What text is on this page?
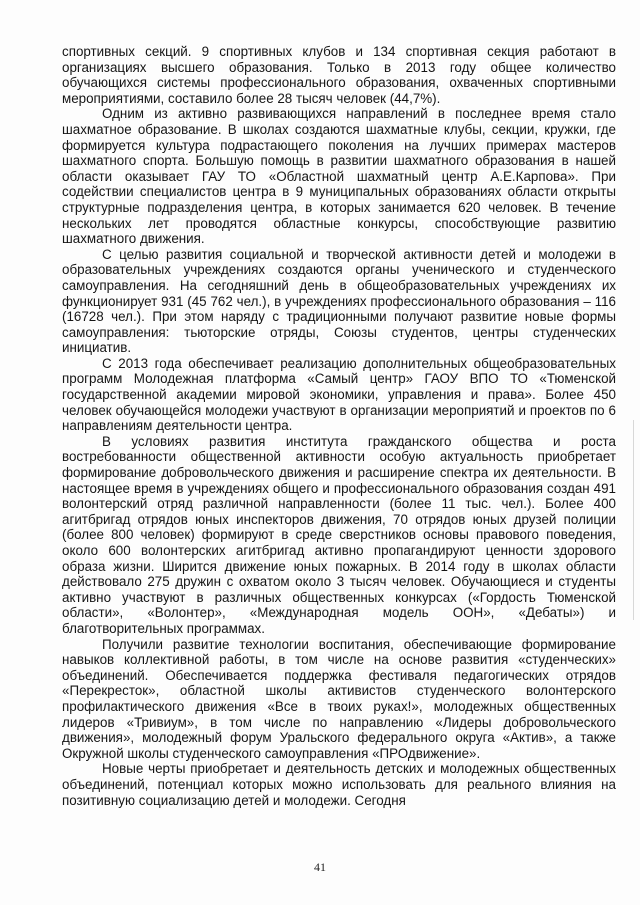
спортивных секций. 9 спортивных клубов и 134 спортивная секция работают в организациях высшего образования. Только в 2013 году общее количество обучающихся системы профессионального образования, охваченных спортивными мероприятиями, составило более 28 тысяч человек (44,7%).

Одним из активно развивающихся направлений в последнее время стало шахматное образование. В школах создаются шахматные клубы, секции, кружки, где формируется культура подрастающего поколения на лучших примерах мастеров шахматного спорта. Большую помощь в развитии шахматного образования в нашей области оказывает ГАУ ТО «Областной шахматный центр А.Е.Карпова». При содействии специалистов центра в 9 муниципальных образованиях области открыты структурные подразделения центра, в которых занимается 620 человек. В течение нескольких лет проводятся областные конкурсы, способствующие развитию шахматного движения.

С целью развития социальной и творческой активности детей и молодежи в образовательных учреждениях создаются органы ученического и студенческого самоуправления. На сегодняшний день в общеобразовательных учреждениях их функционирует 931 (45 762 чел.), в учреждениях профессионального образования – 116 (16728 чел.). При этом наряду с традиционными получают развитие новые формы самоуправления: тьюторские отряды, Союзы студентов, центры студенческих инициатив.

С 2013 года обеспечивает реализацию дополнительных общеобразовательных программ Молодежная платформа «Самый центр» ГАОУ ВПО ТО «Тюменской государственной академии мировой экономики, управления и права». Более 450 человек обучающейся молодежи участвуют в организации мероприятий и проектов по 6 направлениям деятельности центра.

В условиях развития института гражданского общества и роста востребованности общественной активности особую актуальность приобретает формирование добровольческого движения и расширение спектра их деятельности. В настоящее время в учреждениях общего и профессионального образования создан 491 волонтерский отряд различной направленности (более 11 тыс. чел.). Более 400 агитбригад отрядов юных инспекторов движения, 70 отрядов юных друзей полиции (более 800 человек) формируют в среде сверстников основы правового поведения, около 600 волонтерских агитбригад активно пропагандируют ценности здорового образа жизни. Ширится движение юных пожарных. В 2014 году в школах области действовало 275 дружин с охватом около 3 тысяч человек. Обучающиеся и студенты активно участвуют в различных общественных конкурсах («Гордость Тюменской области», «Волонтер», «Международная модель ООН», «Дебаты») и благотворительных программах.

Получили развитие технологии воспитания, обеспечивающие формирование навыков коллективной работы, в том числе на основе развития «студенческих» объединений. Обеспечивается поддержка фестиваля педагогических отрядов «Перекресток», областной школы активистов студенческого волонтерского профилактического движения «Все в твоих руках!», молодежных общественных лидеров «Тривиум», в том числе по направлению «Лидеры добровольческого движения», молодежный форум Уральского федерального округа «Актив», а также Окружной школы студенческого самоуправления «ПРОдвижение».

Новые черты приобретает и деятельность детских и молодежных общественных объединений, потенциал которых можно использовать для реального влияния на позитивную социализацию детей и молодежи. Сегодня

41
